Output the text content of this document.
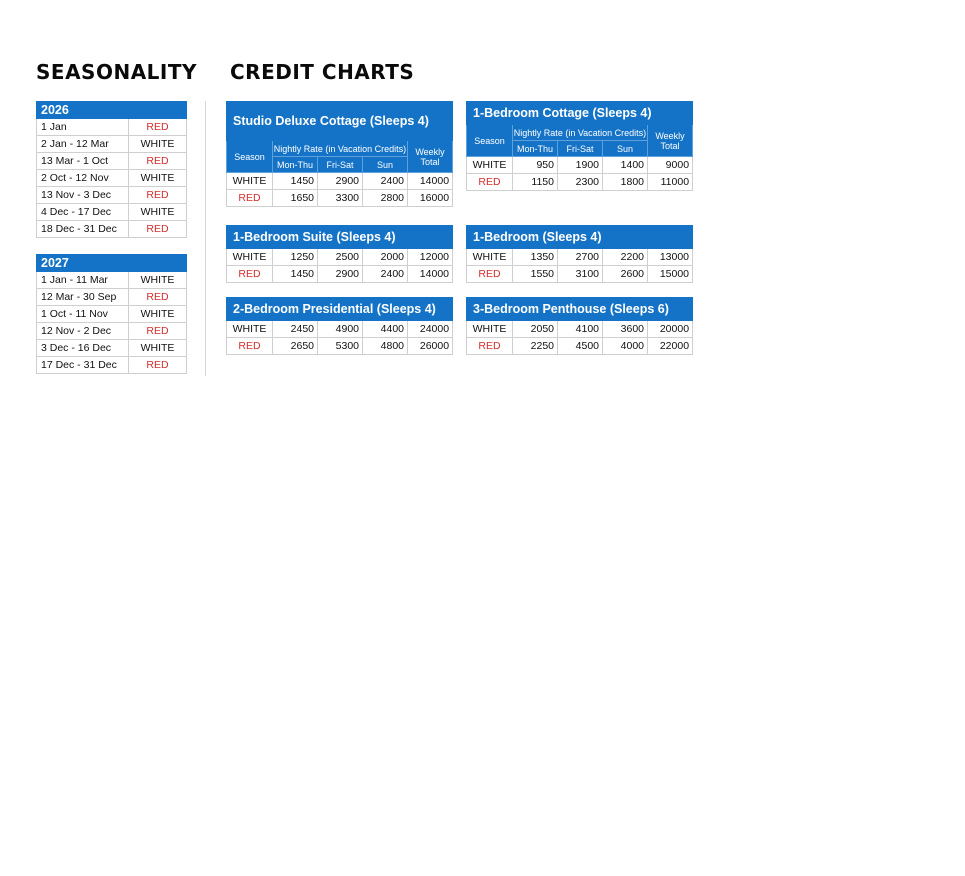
SEASONALITY CREDIT CHARTS
2026	
1 Jan	RED
2 Jan - 12 Mar	WHITE
13 Mar - 1 Oct	RED
2 Oct - 12 Nov	WHITE
13 Nov - 3 Dec	RED
4 Dec - 17 Dec	WHITE
18 Dec - 31 Dec	RED
2027	
1 Jan - 11 Mar	WHITE
12 Mar - 30 Sep	RED
1 Oct - 11 Nov	WHITE
12 Nov - 2 Dec	RED
3 Dec - 16 Dec	WHITE
17 Dec - 31 Dec	RED
Studio Deluxe Cottage (Sleeps 4)				
Season	Nightly Rate (in Vacation Credits)			Weekly Total
	Mon-Thu	Fri-Sat	Sun	
WHITE	1450	2900	2400	14000
RED	1650	3300	2800	16000
1-Bedroom Cottage (Sleeps 4)				
Season	Nightly Rate (in Vacation Credits)			Weekly Total
	Mon-Thu	Fri-Sat	Sun	
WHITE	950	1900	1400	9000
RED	1150	2300	1800	11000
1-Bedroom Suite (Sleeps 4)				
WHITE	1250	2500	2000	12000
RED	1450	2900	2400	14000
1-Bedroom (Sleeps 4)				
WHITE	1350	2700	2200	13000
RED	1550	3100	2600	15000
2-Bedroom Presidential (Sleeps 4)				
WHITE	2450	4900	4400	24000
RED	2650	5300	4800	26000
3-Bedroom Penthouse (Sleeps 6)				
WHITE	2050	4100	3600	20000
RED	2250	4500	4000	22000
